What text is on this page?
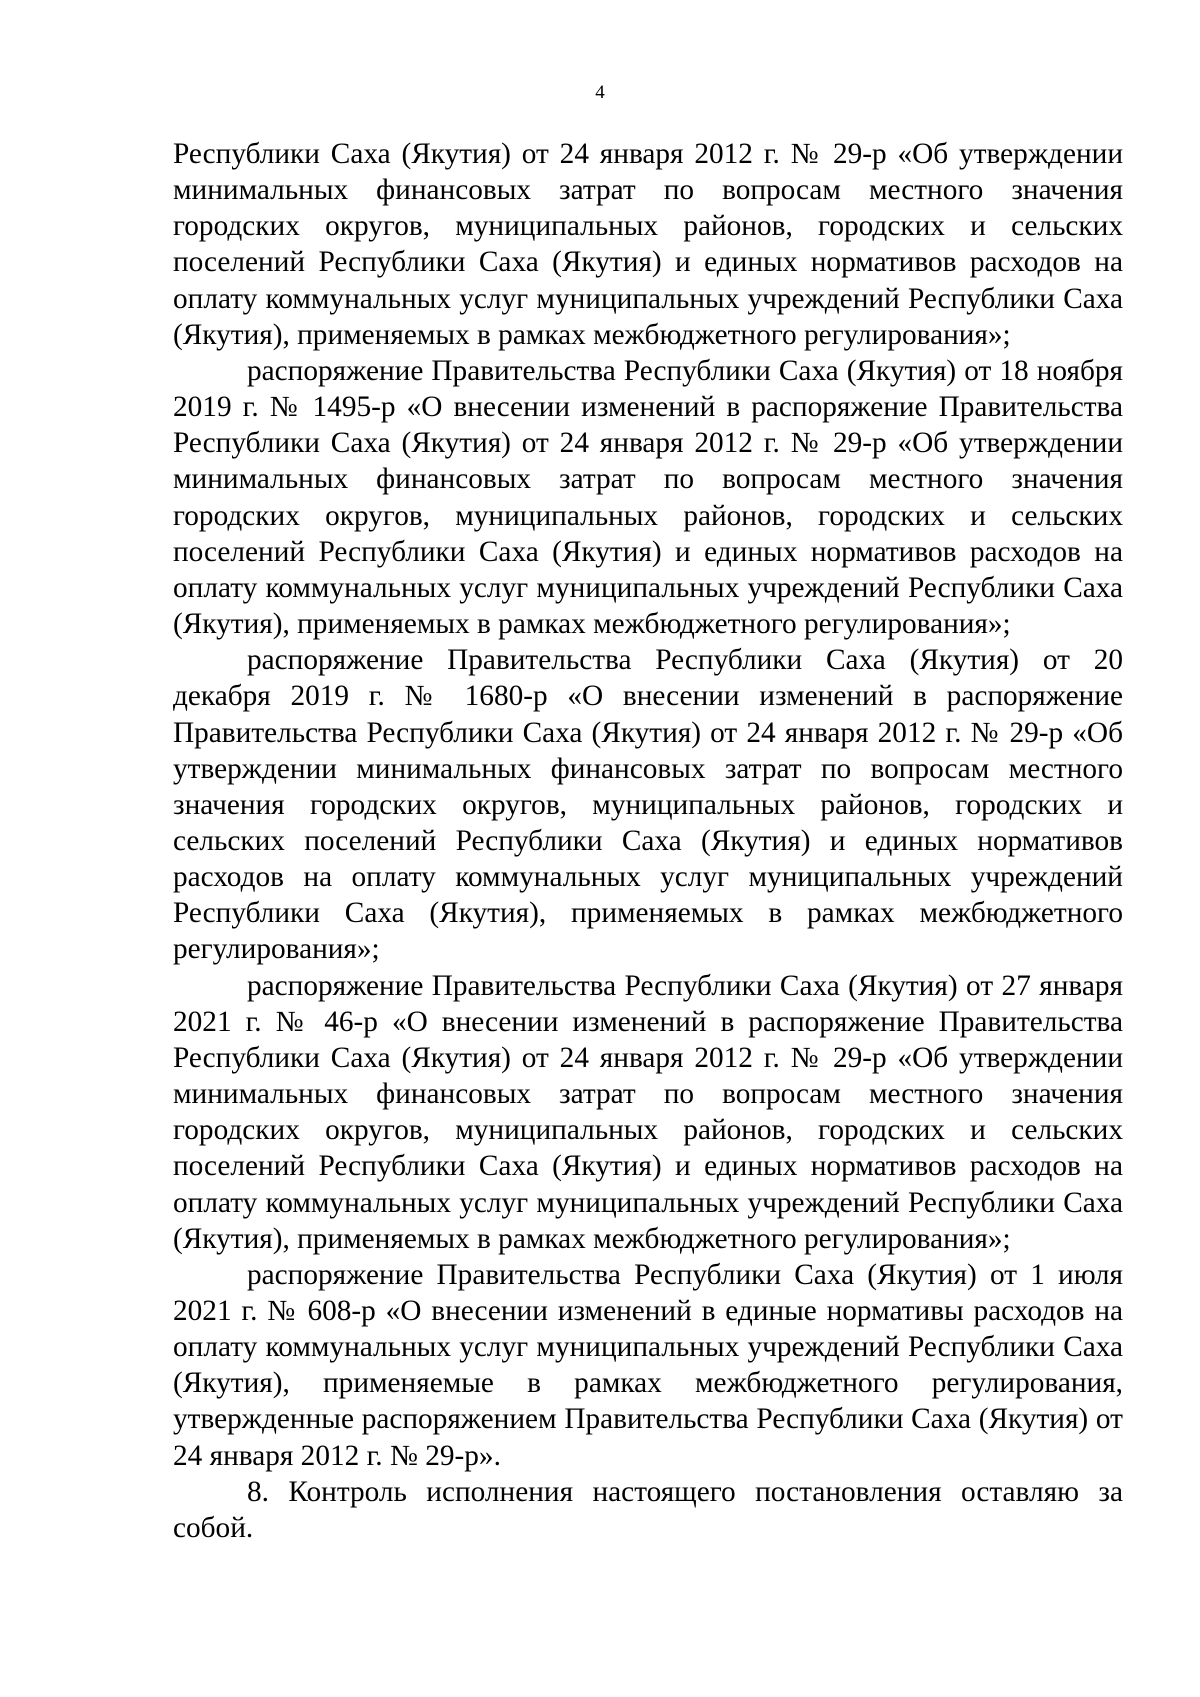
4

Республики Саха (Якутия) от 24 января 2012 г. № 29-р «Об утверждении минимальных финансовых затрат по вопросам местного значения городских округов, муниципальных районов, городских и сельских поселений Республики Саха (Якутия) и единых нормативов расходов на оплату коммунальных услуг муниципальных учреждений Республики Саха (Якутия), применяемых в рамках межбюджетного регулирования»;

распоряжение Правительства Республики Саха (Якутия) от 18 ноября 2019 г. № 1495-р «О внесении изменений в распоряжение Правительства Республики Саха (Якутия) от 24 января 2012 г. № 29-р «Об утверждении минимальных финансовых затрат по вопросам местного значения городских округов, муниципальных районов, городских и сельских поселений Республики Саха (Якутия) и единых нормативов расходов на оплату коммунальных услуг муниципальных учреждений Республики Саха (Якутия), применяемых в рамках межбюджетного регулирования»;

распоряжение Правительства Республики Саха (Якутия) от 20 декабря 2019 г. № 1680-р «О внесении изменений в распоряжение Правительства Республики Саха (Якутия) от 24 января 2012 г. № 29-р «Об утверждении минимальных финансовых затрат по вопросам местного значения городских округов, муниципальных районов, городских и сельских поселений Республики Саха (Якутия) и единых нормативов расходов на оплату коммунальных услуг муниципальных учреждений Республики Саха (Якутия), применяемых в рамках межбюджетного регулирования»;

распоряжение Правительства Республики Саха (Якутия) от 27 января 2021 г. № 46-р «О внесении изменений в распоряжение Правительства Республики Саха (Якутия) от 24 января 2012 г. № 29-р «Об утверждении минимальных финансовых затрат по вопросам местного значения городских округов, муниципальных районов, городских и сельских поселений Республики Саха (Якутия) и единых нормативов расходов на оплату коммунальных услуг муниципальных учреждений Республики Саха (Якутия), применяемых в рамках межбюджетного регулирования»;

распоряжение Правительства Республики Саха (Якутия) от 1 июля 2021 г. № 608-р «О внесении изменений в единые нормативы расходов на оплату коммунальных услуг муниципальных учреждений Республики Саха (Якутия), применяемые в рамках межбюджетного регулирования, утвержденные распоряжением Правительства Республики Саха (Якутия) от 24 января 2012 г. № 29-р».

8. Контроль исполнения настоящего постановления оставляю за собой.
